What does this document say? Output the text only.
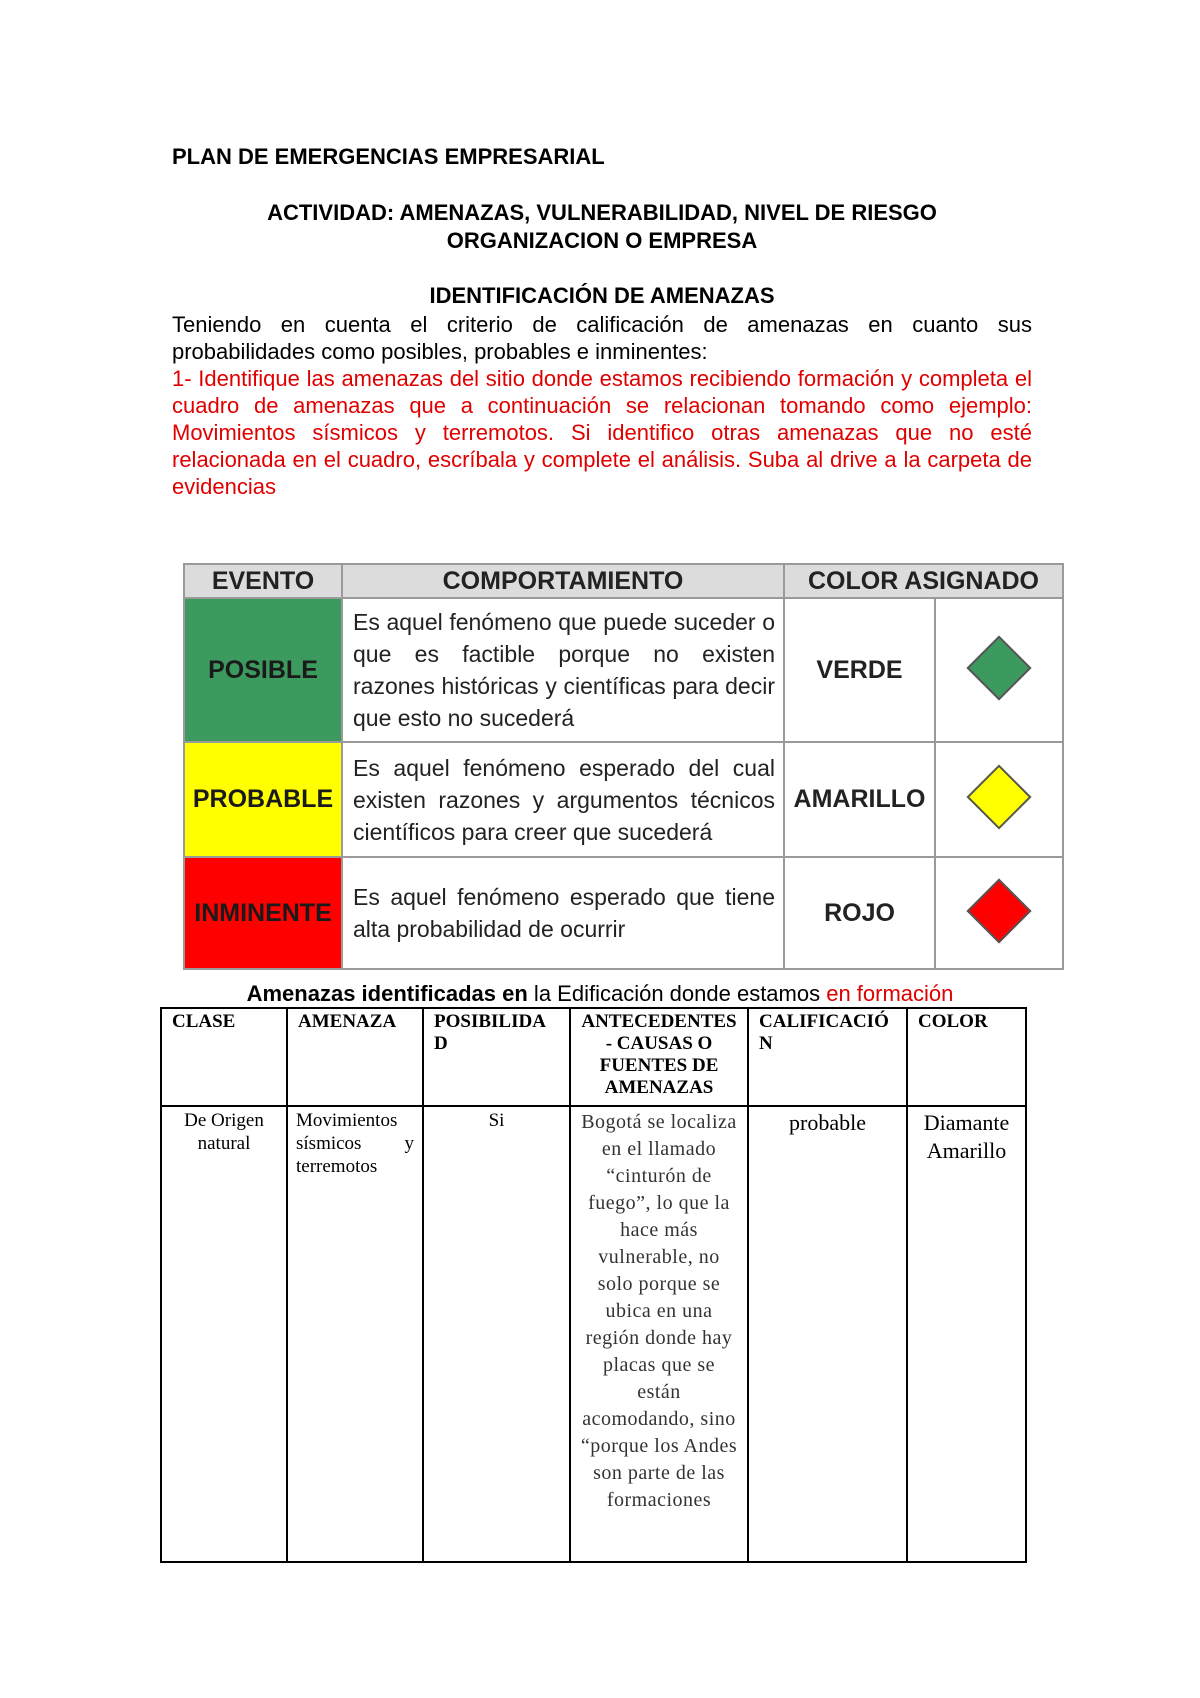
PLAN DE EMERGENCIAS EMPRESARIAL
ACTIVIDAD: AMENAZAS, VULNERABILIDAD, NIVEL DE RIESGO
ORGANIZACION O EMPRESA
IDENTIFICACIÓN DE AMENAZAS
Teniendo en cuenta el criterio de calificación de amenazas en cuanto sus probabilidades como posibles, probables e inminentes:
1- Identifique las amenazas del sitio donde estamos recibiendo formación y completa el cuadro de amenazas que a continuación se relacionan tomando como ejemplo: Movimientos sísmicos y terremotos. Si identifico otras amenazas que no esté relacionada en el cuadro, escríbala y complete el análisis. Suba al drive a la carpeta de evidencias
EVENTO	COMPORTAMIENTO	COLOR ASIGNADO	
POSIBLE	Es aquel fenómeno que puede suceder o que es factible porque no existen razones históricas y científicas para decir que esto no sucederá	VERDE	
PROBABLE	Es aquel fenómeno esperado del cual existen razones y argumentos técnicos científicos para creer que sucederá	AMARILLO	
INMINENTE	Es aquel fenómeno esperado que tiene alta probabilidad de ocurrir	ROJO	
Amenazas identificadas en la Edificación donde estamos en formación
CLASE	AMENAZA	POSIBILIDAD	ANTECEDENTES - CAUSAS O FUENTES DE AMENAZAS	CALIFICACIÓN	COLOR
De Origen natural	Movimientos sísmicos y terremotos	Si	Bogotá se localiza en el llamado “cinturón de fuego”, lo que la hace más vulnerable, no solo porque se ubica en una región donde hay placas que se están acomodando, sino “porque los Andes son parte de las formaciones	probable	Diamante Amarillo
